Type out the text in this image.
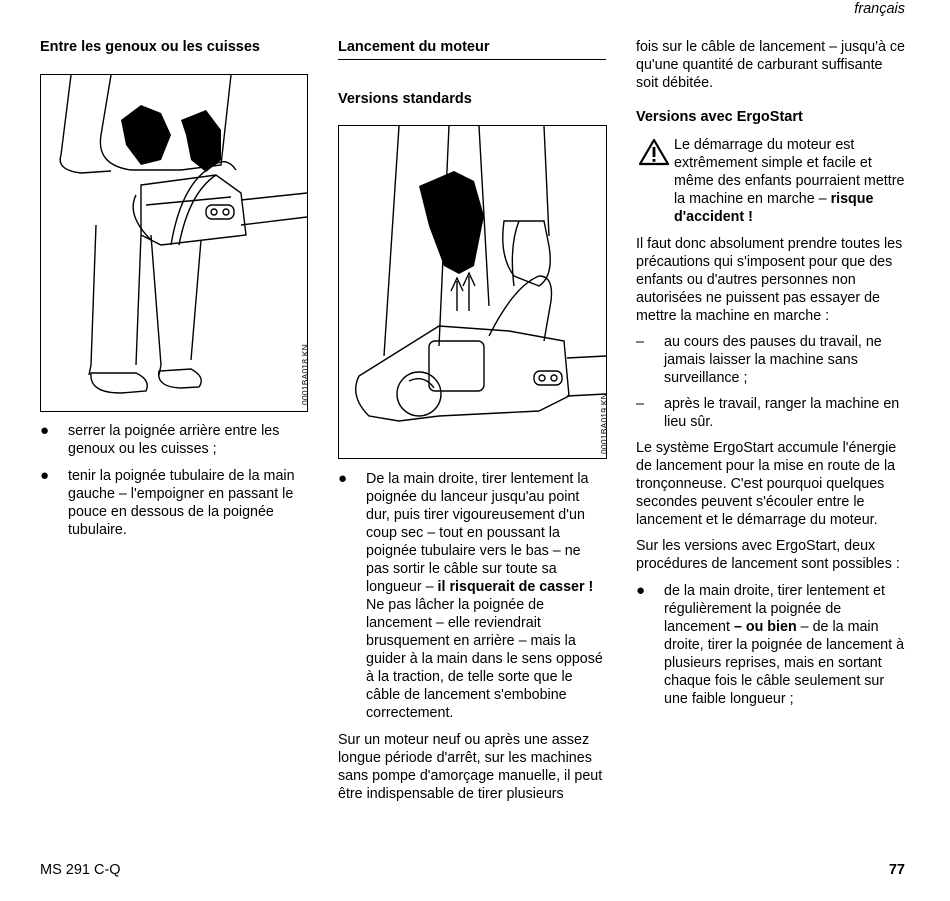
français
Entre les genoux ou les cuisses
0001BA018 KN
● serrer la poignée arrière entre les genoux ou les cuisses ;
● tenir la poignée tubulaire de la main gauche – l'empoigner en passant le pouce en dessous de la poignée tubulaire.
Lancement du moteur
Versions standards
0001BA019 KN
● De la main droite, tirer lentement la poignée du lanceur jusqu'au point dur, puis tirer vigoureusement d'un coup sec – tout en poussant la poignée tubulaire vers le bas – ne pas sortir le câble sur toute sa longueur – il risquerait de casser ! Ne pas lâcher la poignée de lancement – elle reviendrait brusquement en arrière – mais la guider à la main dans le sens opposé à la traction, de telle sorte que le câble de lancement s'embobine correctement.

Sur un moteur neuf ou après une assez longue période d'arrêt, sur les machines sans pompe d'amorçage manuelle, il peut être indispensable de tirer plusieurs

fois sur le câble de lancement – jusqu'à ce qu'une quantité de carburant suffisante soit débitée.

Versions avec ErgoStart
Le démarrage du moteur est extrêmement simple et facile et même des enfants pourraient mettre la machine en marche – risque d'accident !

Il faut donc absolument prendre toutes les précautions qui s'imposent pour que des enfants ou d'autres personnes non autorisées ne puissent pas essayer de mettre la machine en marche :

– au cours des pauses du travail, ne jamais laisser la machine sans surveillance ;
– après le travail, ranger la machine en lieu sûr.

Le système ErgoStart accumule l'énergie de lancement pour la mise en route de la tronçonneuse. C'est pourquoi quelques secondes peuvent s'écouler entre le lancement et le démarrage du moteur.

Sur les versions avec ErgoStart, deux procédures de lancement sont possibles :

● de la main droite, tirer lentement et régulièrement la poignée de lancement – ou bien – de la main droite, tirer la poignée de lancement à plusieurs reprises, mais en sortant chaque fois le câble seulement sur une faible longueur ;
MS 291 C-Q	77
